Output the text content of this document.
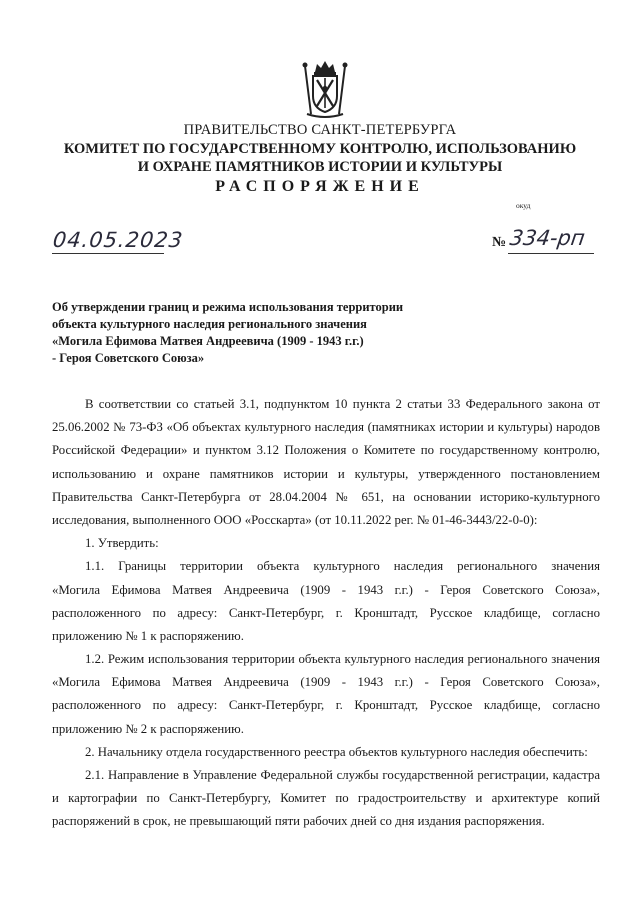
ПРАВИТЕЛЬСТВО САНКТ-ПЕТЕРБУРГА
КОМИТЕТ ПО ГОСУДАРСТВЕННОМУ КОНТРОЛЮ, ИСПОЛЬЗОВАНИЮ
И ОХРАНЕ ПАМЯТНИКОВ ИСТОРИИ И КУЛЬТУРЫ
РАСПОРЯЖЕНИЕ
окуд
04.05.2023	№ 334-рп
Об утверждении границ и режима использования территории
объекта культурного наследия регионального значения
«Могила Ефимова Матвея Андреевича (1909 - 1943 г.г.)
- Героя Советского Союза»
В соответствии со статьей 3.1, подпунктом 10 пункта 2 статьи 33 Федерального закона от
25.06.2002 № 73-ФЗ «Об объектах культурного наследия (памятниках истории и культуры) народов
Российской Федерации» и пунктом 3.12 Положения о Комитете по государственному контролю,
использованию и охране памятников истории и культуры, утвержденного постановлением
Правительства Санкт-Петербурга от 28.04.2004 № 651, на основании историко-культурного
исследования, выполненного ООО «Росскарта» (от 10.11.2022 рег. № 01-46-3443/22-0-0):
1. Утвердить:
1.1. Границы территории объекта культурного наследия регионального значения
«Могила Ефимова Матвея Андреевича (1909 - 1943 г.г.) - Героя Советского Союза»,
расположенного по адресу: Санкт-Петербург, г. Кронштадт, Русское кладбище, согласно
приложению № 1 к распоряжению.
1.2. Режим использования территории объекта культурного наследия регионального значения
«Могила Ефимова Матвея Андреевича (1909 - 1943 г.г.) - Героя Советского Союза»,
расположенного по адресу: Санкт-Петербург, г. Кронштадт, Русское кладбище, согласно
приложению № 2 к распоряжению.
2. Начальнику отдела государственного реестра объектов культурного наследия обеспечить:
2.1. Направление в Управление Федеральной службы государственной регистрации, кадастра
и картографии по Санкт-Петербургу, Комитет по градостроительству и архитектуре копий
распоряжений в срок, не превышающий пяти рабочих дней со дня издания распоряжения.
